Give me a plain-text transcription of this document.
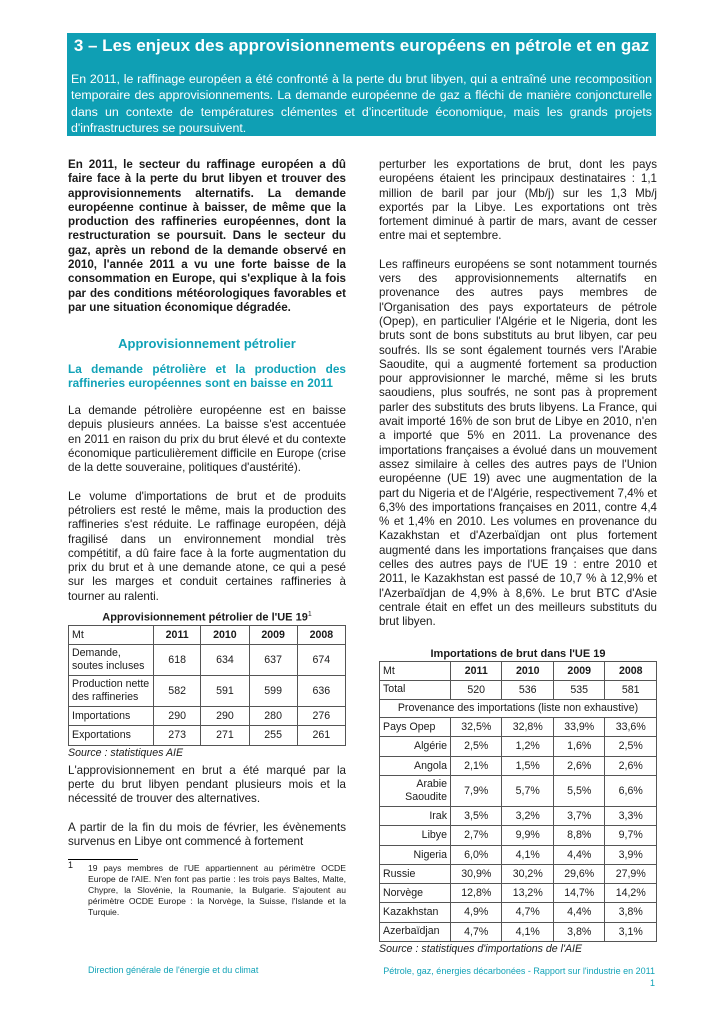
3 – Les enjeux des approvisionnements européens en pétrole et en gaz
En 2011, le raffinage européen a été confronté à la perte du brut libyen, qui a entraîné une recomposition temporaire des approvisionnements. La demande européenne de gaz a fléchi de manière conjoncturelle dans un contexte de températures clémentes et d'incertitude économique, mais les grands projets d'infrastructures se poursuivent.

En 2011, le secteur du raffinage européen a dû faire face à la perte du brut libyen et trouver des approvisionnements alternatifs. La demande européenne continue à baisser, de même que la production des raffineries européennes, dont la restructuration se poursuit. Dans le secteur du gaz, après un rebond de la demande observé en 2010, l'année 2011 a vu une forte baisse de la consommation en Europe, qui s'explique à la fois par des conditions météorologiques favorables et par une situation économique dégradée.

Approvisionnement pétrolier
La demande pétrolière et la production des raffineries européennes sont en baisse en 2011

La demande pétrolière européenne est en baisse depuis plusieurs années. La baisse s'est accentuée en 2011 en raison du prix du brut élevé et du contexte économique particulièrement difficile en Europe (crise de la dette souveraine, politiques d'austérité).

Le volume d'importations de brut et de produits pétroliers est resté le même, mais la production des raffineries s'est réduite. Le raffinage européen, déjà fragilisé dans un environnement mondial très compétitif, a dû faire face à la forte augmentation du prix du brut et à une demande atone, ce qui a pesé sur les marges et conduit certaines raffineries à tourner au ralenti.

Approvisionnement pétrolier de l'UE $19^1$
Mt	2011	2010	2009	2008
Demande, soutes incluses	618	634	637	674
Production nette des raffineries	582	591	599	636
Importations	290	290	280	276
Exportations	273	271	255	261
Source : statistiques AIE

L'approvisionnement en brut a été marqué par la perte du brut libyen pendant plusieurs mois et la nécessité de trouver des alternatives.

A partir de la fin du mois de février, les évènements survenus en Libye ont commencé à fortement

1 19 pays membres de l'UE appartiennent au périmètre OCDE Europe de l'AIE. N'en font pas partie : les trois pays Baltes, Malte, Chypre, la Slovénie, la Roumanie, la Bulgarie. S'ajoutent au périmètre OCDE Europe : la Norvège, la Suisse, l'Islande et la Turquie.

perturber les exportations de brut, dont les pays européens étaient les principaux destinataires : 1,1 million de baril par jour (Mb/j) sur les 1,3 Mb/j exportés par la Libye. Les exportations ont très fortement diminué à partir de mars, avant de cesser entre mai et septembre.

Les raffineurs européens se sont notamment tournés vers des approvisionnements alternatifs en provenance des autres pays membres de l'Organisation des pays exportateurs de pétrole (Opep), en particulier l'Algérie et le Nigeria, dont les bruts sont de bons substituts au brut libyen, car peu soufrés. Ils se sont également tournés vers l'Arabie Saoudite, qui a augmenté fortement sa production pour approvisionner le marché, même si les bruts saoudiens, plus soufrés, ne sont pas à proprement parler des substituts des bruts libyens. La France, qui avait importé 16% de son brut de Libye en 2010, n'en a importé que 5% en 2011. La provenance des importations françaises a évolué dans un mouvement assez similaire à celles des autres pays de l'Union européenne (UE 19) avec une augmentation de la part du Nigeria et de l'Algérie, respectivement 7,4% et 6,3% des importations françaises en 2011, contre 4,4 % et 1,4% en 2010. Les volumes en provenance du Kazakhstan et d'Azerbaïdjan ont plus fortement augmenté dans les importations françaises que dans celles des autres pays de l'UE 19 : entre 2010 et 2011, le Kazakhstan est passé de 10,7 % à 12,9% et l'Azerbaïdjan de 4,9% à 8,6%. Le brut BTC d'Asie centrale était en effet un des meilleurs substituts du brut libyen.

Importations de brut dans l'UE 19
Mt	2011	2010	2009	2008
Total	520	536	535	581
Provenance des importations (liste non exhaustive)				
Pays Opep	32,5%	32,8%	33,9%	33,6%
Algérie	2,5%	1,2%	1,6%	2,5%
Angola	2,1%	1,5%	2,6%	2,6%
Arabie Saoudite	7,9%	5,7%	5,5%	6,6%
Irak	3,5%	3,2%	3,7%	3,3%
Libye	2,7%	9,9%	8,8%	9,7%
Nigeria	6,0%	4,1%	4,4%	3,9%
Russie	30,9%	30,2%	29,6%	27,9%
Norvège	12,8%	13,2%	14,7%	14,2%
Kazakhstan	4,9%	4,7%	4,4%	3,8%
Azerbaïdjan	4,7%	4,1%	3,8%	3,1%
Source : statistiques d'importations de l'AIE
Direction générale de l'énergie et du climat	Pétrole, gaz, énergies décarbonées - Rapport sur l'industrie en 2011
1
